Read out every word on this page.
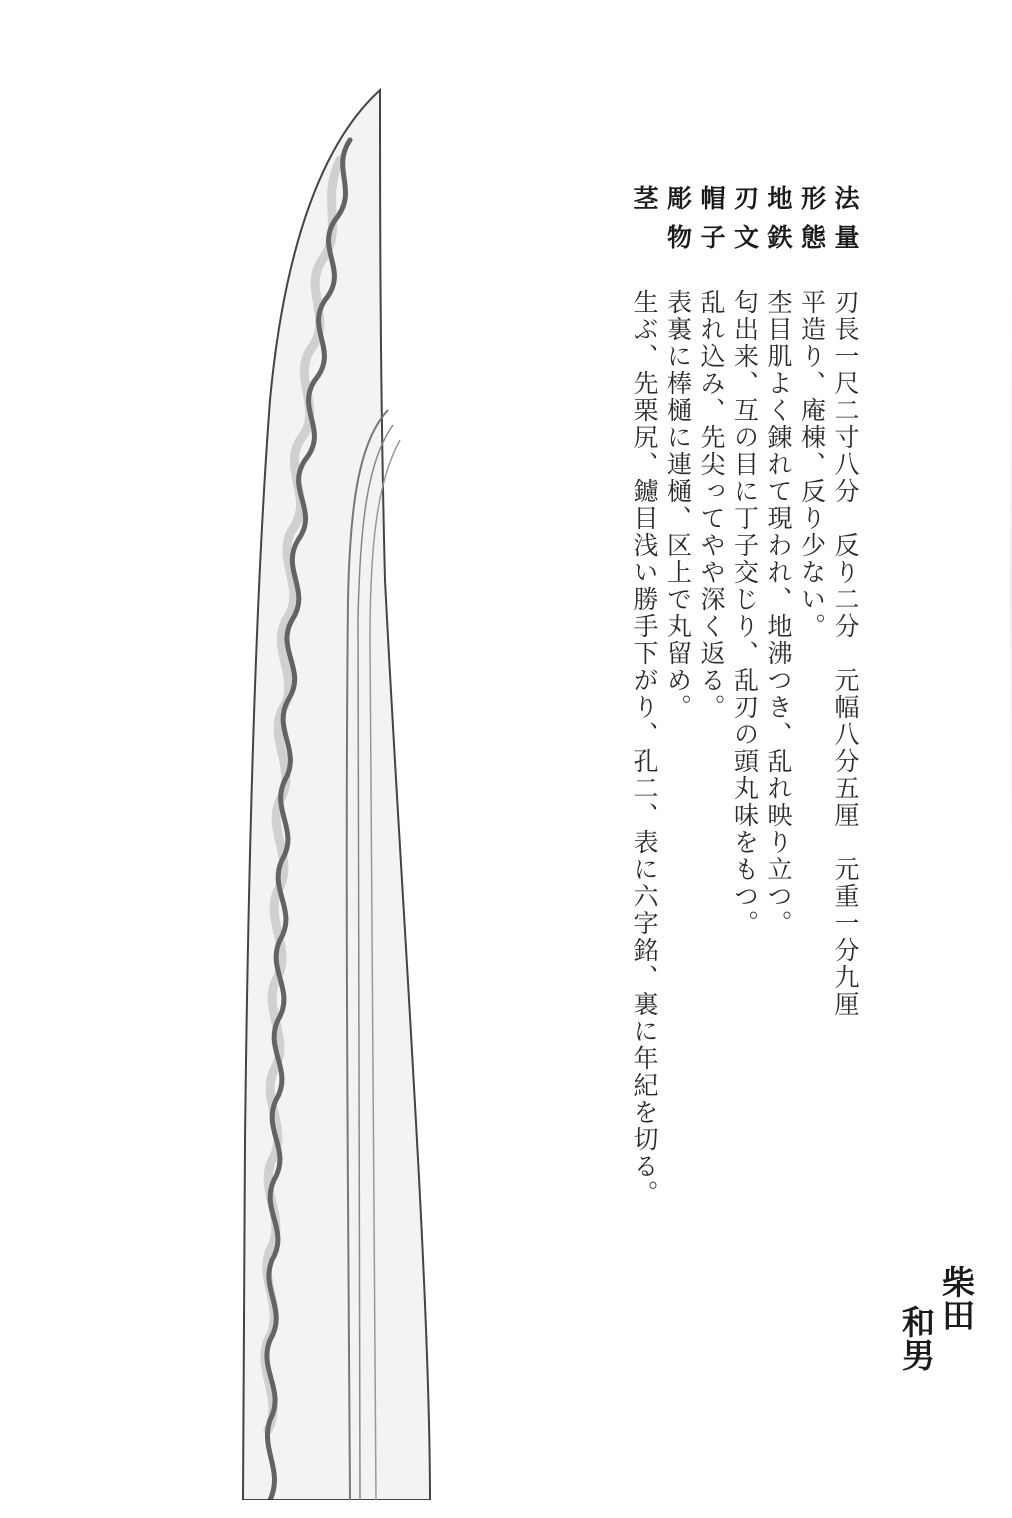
法量
刃長一尺二寸八分　反り二分　元幅八分五厘　元重一分九厘
形態
平造り、庵棟、反り少ない。
地鉄
杢目肌よく錬れて現われ、地沸つき、乱れ映り立つ。
刃文
匂出来、互の目に丁子交じり、乱刃の頭丸味をもつ。
帽子
乱れ込み、先尖ってやや深く返る。
彫物
表裏に棒樋に連樋、区上で丸留め。
茎
生ぶ、先栗尻、鑢目浅い勝手下がり、孔二、表に六字銘、裏に年紀を切る。
柴田
和男
